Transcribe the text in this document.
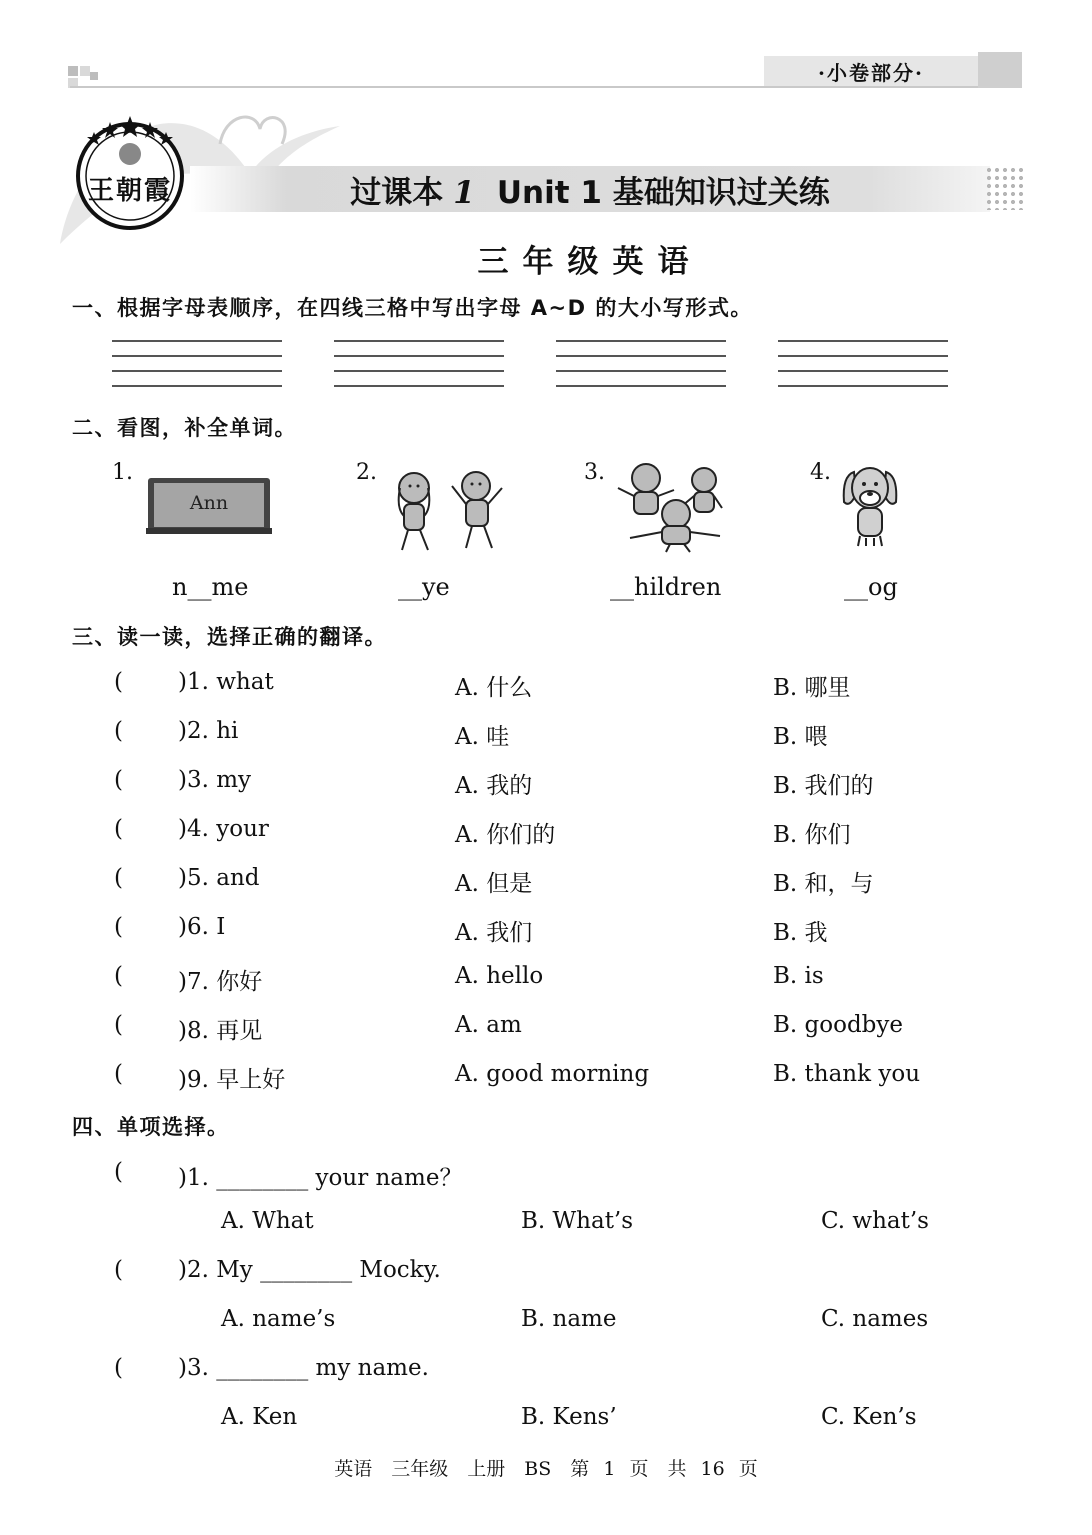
·小卷部分·
王朝霞	过课本 1 Unit 1 基础知识过关练
三年级英语
一、根据字母表顺序，在四线三格中写出字母 A~D 的大小写形式。
二、看图，补全单词。
1.
Ann
n__me
2.
__ye
3.
__hildren
4.
__og
三、读一读，选择正确的翻译。
( )1. what	A. 什么	B. 哪里
( )2. hi	A. 哇	B. 喂
( )3. my	A. 我的	B. 我们的
( )4. your	A. 你们的	B. 你们
( )5. and	A. 但是	B. 和，与
( )6. I	A. 我们	B. 我
( )7. 你好	A. hello	B. is
( )8. 再见	A. am	B. goodbye
( )9. 早上好	A. good morning	B. thank you
四、单项选择。
( )1. ________ your name？
A. What	B. What’s	C. what’s
( )2. My ________ Mocky.
A. name’s	B. name	C. names
( )3. ________ my name.
A. Ken	B. Kens’	C. Ken’s
英语　三年级　上册　BS　第 1 页　共 16 页
